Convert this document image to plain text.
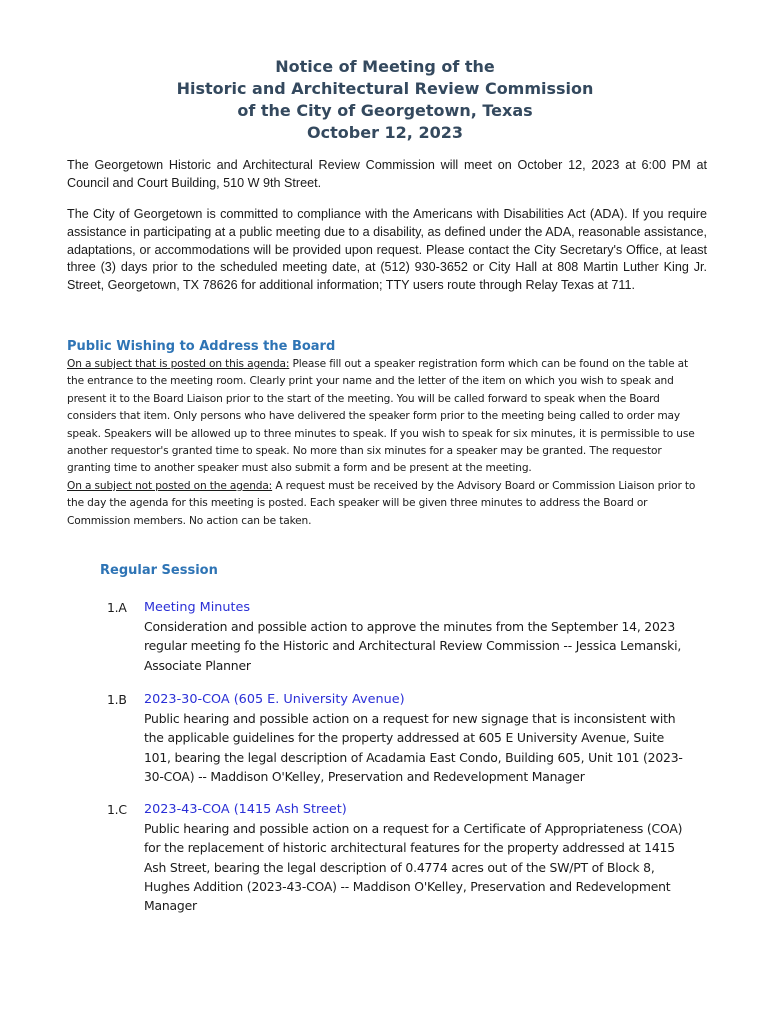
Notice of Meeting of the
Historic and Architectural Review Commission
of the City of Georgetown, Texas
October 12, 2023
The Georgetown Historic and Architectural Review Commission will meet on October 12, 2023 at 6:00 PM at Council and Court Building, 510 W 9th Street.
The City of Georgetown is committed to compliance with the Americans with Disabilities Act (ADA). If you require assistance in participating at a public meeting due to a disability, as defined under the ADA, reasonable assistance, adaptations, or accommodations will be provided upon request. Please contact the City Secretary's Office, at least three (3) days prior to the scheduled meeting date, at (512) 930-3652 or City Hall at 808 Martin Luther King Jr. Street, Georgetown, TX 78626 for additional information; TTY users route through Relay Texas at 711.
Public Wishing to Address the Board
On a subject that is posted on this agenda: Please fill out a speaker registration form which can be found on the table at the entrance to the meeting room. Clearly print your name and the letter of the item on which you wish to speak and present it to the Board Liaison prior to the start of the meeting. You will be called forward to speak when the Board considers that item. Only persons who have delivered the speaker form prior to the meeting being called to order may speak. Speakers will be allowed up to three minutes to speak. If you wish to speak for six minutes, it is permissible to use another requestor's granted time to speak. No more than six minutes for a speaker may be granted. The requestor granting time to another speaker must also submit a form and be present at the meeting.
On a subject not posted on the agenda: A request must be received by the Advisory Board or Commission Liaison prior to the day the agenda for this meeting is posted. Each speaker will be given three minutes to address the Board or Commission members. No action can be taken.
Regular Session
1.A	Meeting Minutes
Consideration and possible action to approve the minutes from the September 14, 2023 regular meeting fo the Historic and Architectural Review Commission -- Jessica Lemanski, Associate Planner
1.B	2023-30-COA (605 E. University Avenue)
Public hearing and possible action on a request for new signage that is inconsistent with the applicable guidelines for the property addressed at 605 E University Avenue, Suite 101, bearing the legal description of Acadamia East Condo, Building 605, Unit 101 (2023-30-COA) -- Maddison O'Kelley, Preservation and Redevelopment Manager
1.C	2023-43-COA (1415 Ash Street)
Public hearing and possible action on a request for a Certificate of Appropriateness (COA) for the replacement of historic architectural features for the property addressed at 1415 Ash Street, bearing the legal description of 0.4774 acres out of the SW/PT of Block 8, Hughes Addition (2023-43-COA) -- Maddison O'Kelley, Preservation and Redevelopment Manager
